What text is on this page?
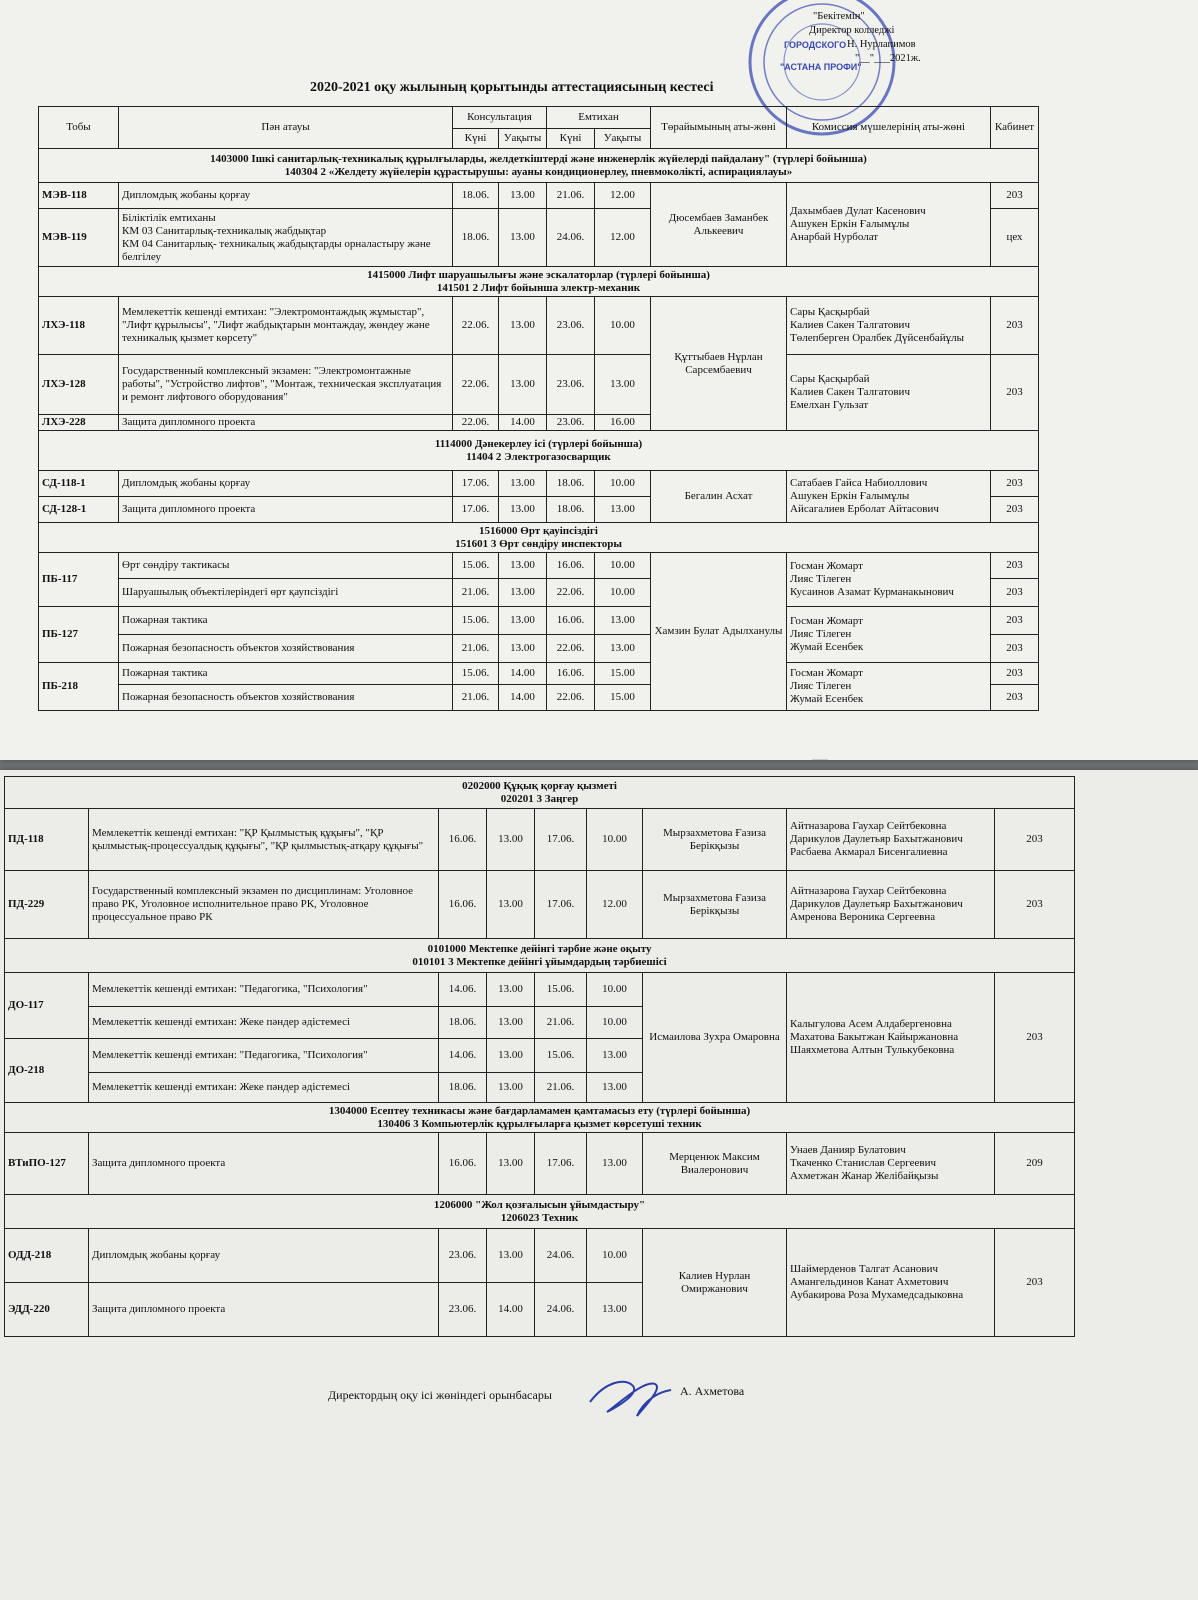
"АСТАНА ПРОФИ"
ГОРОДСКОГО
"Бекітемін"
Директор колледжі
Н. Нурлапимов
"__"___2021ж.
2020-2021 оқу жылының қорытынды аттестациясының кестесі
Тобы	Пән атауы	Консультация		Емтихан		Төрайымының аты-жөні	Комиссия мүшелерінің аты-жөні	Кабинет
		Күні	Уақыты	Күні	Уақыты			

1403000 Ішкі санитарлық-техникалық құрылғыларды, желдеткіштерді және инженерлік жүйелерді пайдалану" (түрлері бойынша)
140304 2 «Желдету жүйелерін құрастырушы: ауаны кондиционерлеу, пневмоколікті, аспирациялауы»								

МЭВ-118	Дипломдық жобаны қорғау	18.06.	13.00	21.06.	12.00	Дюсембаев Заманбек Алькеевич	Дахымбаев Дулат Касенович
Ашукен Еркін Ғалымұлы
Анарбай Нурболат	203
МЭВ-119	Біліктілік емтиханы
КМ 03 Санитарлық-техникалық жабдықтар
КМ 04 Санитарлық- техникалық жабдықтарды орналастыру және белгілеу	18.06.	13.00	24.06.	12.00			цех

1415000 Лифт шаруашылығы және эскалаторлар (түрлері бойынша)
141501 2 Лифт бойынша электр-механик								

ЛХЭ-118	Мемлекеттік кешенді емтихан: "Электромонтаждық жұмыстар", "Лифт құрылысы", "Лифт жабдықтарын монтаждау, жөндеу және техникалық қызмет көрсету"	22.06.	13.00	23.06.	10.00	Құттыбаев Нұрлан Сарсембаевич	Сары Қасқырбай
Калиев Сакен Талгатович
Төлепберген Оралбек Дүйсенбайұлы	203
ЛХЭ-128	Государственный комплексный экзамен: "Электромонтажные работы", "Устройство лифтов", "Монтаж, техническая эксплуатация и ремонт лифтового оборудования"	22.06.	13.00	23.06.	13.00		Сары Қасқырбай
Калиев Сакен Талгатович
Емелхан Гульзат	203
ЛХЭ-228	Защита дипломного проекта	22.06.	14.00	23.06.	16.00			

1114000 Дәнекерлеу ісі (түрлері бойынша)
11404 2 Электрогазосварщик								

СД-118-1	Дипломдық жобаны қорғау	17.06.	13.00	18.06.	10.00	Бегалин Асхат	Сатабаев Гайса Набиоллович
Ашукен Еркін Ғалымұлы
Айсагалиев Ерболат Айтасович	203
СД-128-1	Защита дипломного проекта	17.06.	13.00	18.06.	13.00			203

1516000 Өрт қауіпсіздігі
151601 3 Өрт сөндіру инспекторы								

ПБ-117	Өрт сөндіру тактикасы	15.06.	13.00	16.06.	10.00	Хамзин Булат Адылханулы	Госман Жомарт
Лияс Тілеген
Кусаинов Азамат Курманакынович	203
	Шаруашылық объектілеріндегі өрт қаупсіздігі	21.06.	13.00	22.06.	10.00			203
ПБ-127	Пожарная тактика	15.06.	13.00	16.06.	13.00		Госман Жомарт
Лияс Тілеген
Жумай Есенбек	203
	Пожарная безопасность объектов хозяйствования	21.06.	13.00	22.06.	13.00			203
ПБ-218	Пожарная тактика	15.06.	14.00	16.06.	15.00		Госман Жомарт
Лияс Тілеген
Жумай Есенбек	203
	Пожарная безопасность объектов хозяйствования	21.06.	14.00	22.06.	15.00			203
——
0202000 Құқық қорғау қызметі
020201 3 Заңгер								

ПД-118	Мемлекеттік кешенді емтихан: "ҚР Қылмыстық құқығы", "ҚР қылмыстық-процессуалдық құқығы", "ҚР қылмыстық-атқару құқығы"	16.06.	13.00	17.06.	10.00	Мырзахметова Ғазиза Берікқызы	Айтназарова Гаухар Сейтбековна
Дарикулов Даулетьяр Бахытжанович
Расбаева Акмарал Бисенгалиевна	203
ПД-229	Государственный комплексный экзамен по дисциплинам: Уголовное право РК, Уголовное исполнительное право РК, Уголовное процессуальное право РК	16.06.	13.00	17.06.	12.00	Мырзахметова Ғазиза Берікқызы	Айтназарова Гаухар Сейтбековна
Дарикулов Даулетьяр Бахытжанович
Амренова Вероника Сергеевна	203

0101000 Мектепке дейінгі тәрбие және оқыту
010101 3 Мектепке дейінгі ұйымдардың тәрбиешісі								

ДО-117	Мемлекеттік кешенді емтихан: "Педагогика, "Психология"	14.06.	13.00	15.06.	10.00	Исмаилова Зухра Омаровна	Калыгулова Асем Алдабергеновна
Махатова Бакытжан Кайыржановна
Шаяхметова Алтын Тулькубековна	203
	Мемлекеттік кешенді емтихан: Жеке пәндер әдістемесі	18.06.	13.00	21.06.	10.00			
ДО-218	Мемлекеттік кешенді емтихан: "Педагогика, "Психология"	14.06.	13.00	15.06.	13.00			
	Мемлекеттік кешенді емтихан: Жеке пәндер әдістемесі	18.06.	13.00	21.06.	13.00			

1304000 Есептеу техникасы және бағдарламамен қамтамасыз ету (түрлері бойынша)
130406 3 Компьютерлік құрылғыларға қызмет көрсетуші техник								

ВТиПО-127	Защита дипломного проекта	16.06.	13.00	17.06.	13.00	Мерценюк Максим Виалеронович	Унаев Данияр Булатович
Ткаченко Станислав Сергеевич
Ахметжан Жанар Желібайқызы	209

1206000 "Жол қозғалысын ұйымдастыру"
1206023 Техник								

ОДД-218	Дипломдық жобаны қорғау	23.06.	13.00	24.06.	10.00	Калиев Нурлан Омиржанович	Шаймерденов Талгат Асанович
Амангельдинов Канат Ахметович
Аубакирова Роза Мухамедсадыковна	203
ЭДД-220	Защита дипломного проекта	23.06.	14.00	24.06.	13.00			
Директордың оқу ісі жөніндегі орынбасары	А. Ахметова
